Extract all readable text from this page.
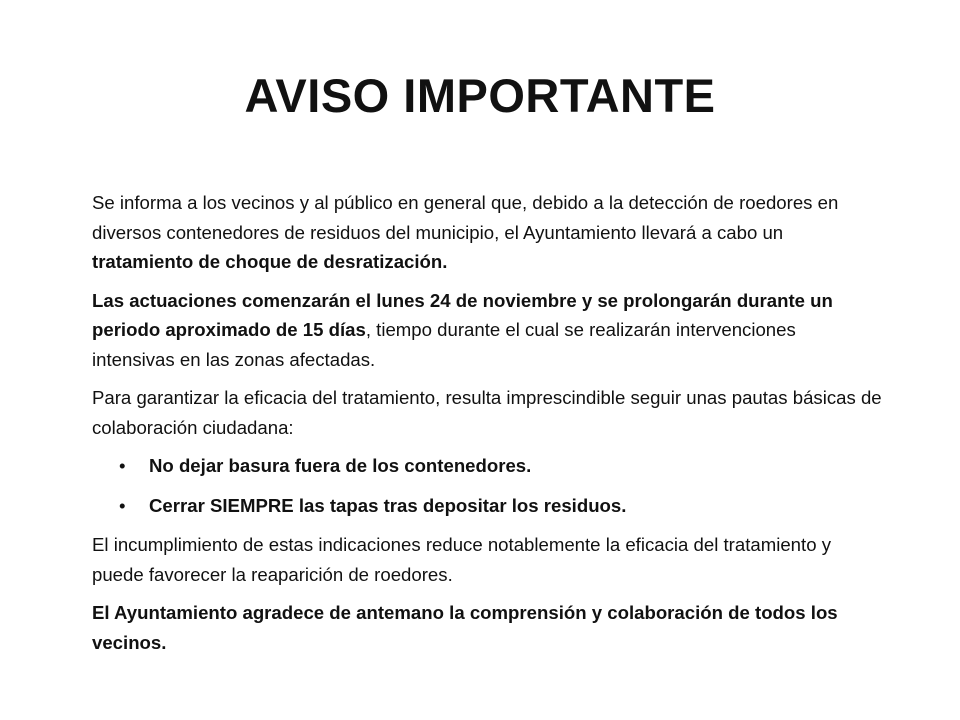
AVISO IMPORTANTE

Se informa a los vecinos y al público en general que, debido a la detección de roedores en diversos contenedores de residuos del municipio, el Ayuntamiento llevará a cabo un tratamiento de choque de desratización.

Las actuaciones comenzarán el lunes 24 de noviembre y se prolongarán durante un periodo aproximado de 15 días, tiempo durante el cual se realizarán intervenciones intensivas en las zonas afectadas.

Para garantizar la eficacia del tratamiento, resulta imprescindible seguir unas pautas básicas de colaboración ciudadana:

• No dejar basura fuera de los contenedores.
• Cerrar SIEMPRE las tapas tras depositar los residuos.

El incumplimiento de estas indicaciones reduce notablemente la eficacia del tratamiento y puede favorecer la reaparición de roedores.

El Ayuntamiento agradece de antemano la comprensión y colaboración de todos los vecinos.
